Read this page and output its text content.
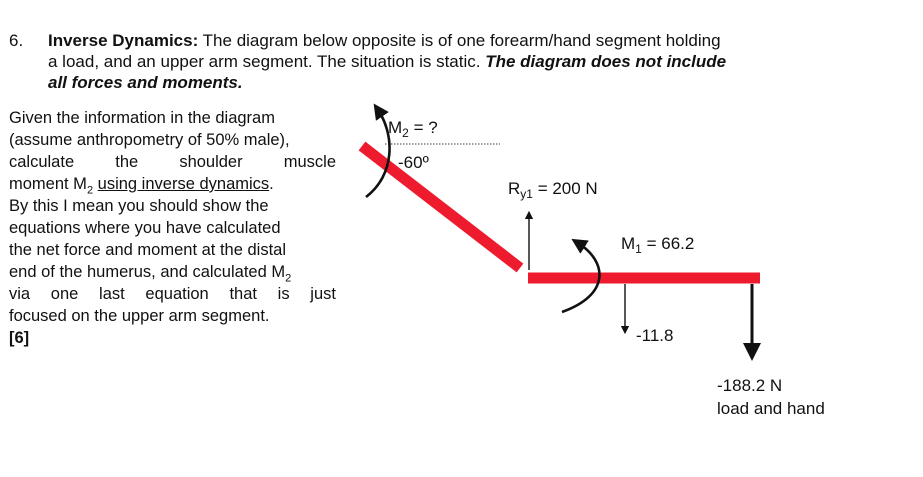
6. Inverse Dynamics: The diagram below opposite is of one forearm/hand segment holding
a load, and an upper arm segment. The situation is static. The diagram does not include
all forces and moments.
Given the information in the diagram
(assume anthropometry of 50% male),
calculate the shoulder muscle
moment $M_2$ using inverse dynamics.
By this I mean you should show the
equations where you have calculated
the net force and moment at the distal
end of the humerus, and calculated $M_2$
via one last equation that is just
focused on the upper arm segment.
[6]
$M_2$ = ?
-60º
$R_{y1} = 200$ N
$M_1 = 66.2$
-11.8
-188.2 N
load and hand
